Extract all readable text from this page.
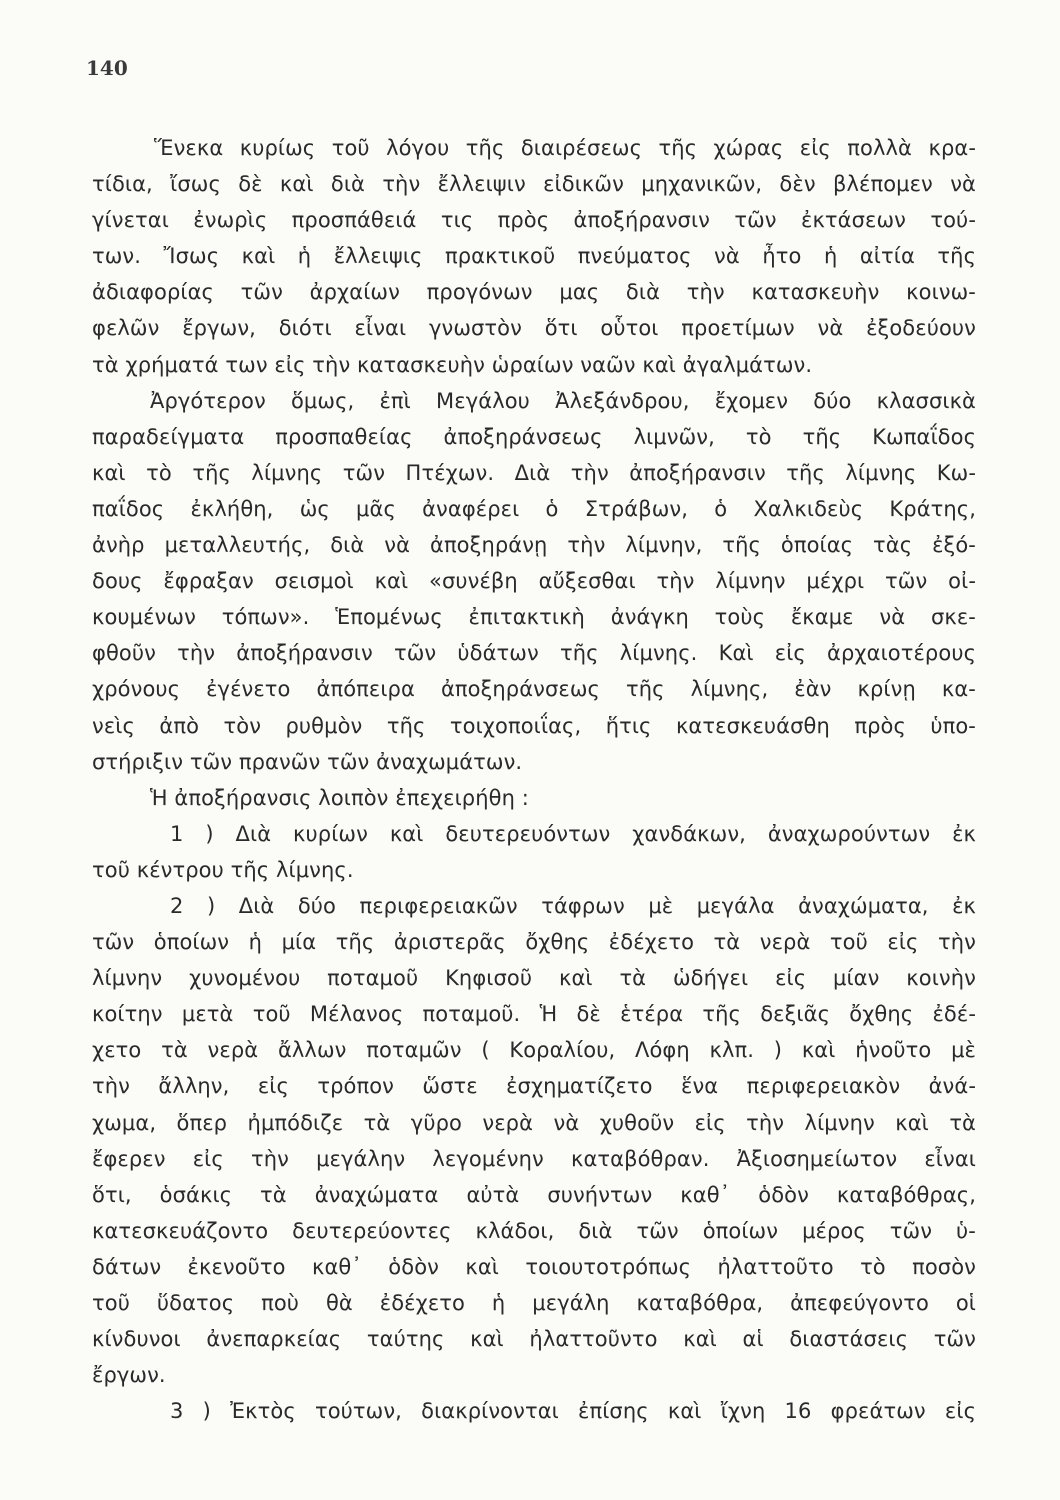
140
Ἕνεκα κυρίως τοῦ λόγου τῆς διαιρέσεως τῆς χώρας εἰς πολλὰ κρα-
τίδια, ἴσως δὲ καὶ διὰ τὴν ἔλλειψιν εἰδικῶν μηχανικῶν, δὲν βλέπομεν νὰ
γίνεται ἐνωρὶς προσπάθειά τις πρὸς ἀποξήρανσιν τῶν ἐκτάσεων τού-
των. Ἴσως καὶ ἡ ἔλλειψις πρακτικοῦ πνεύματος νὰ ἦτο ἡ αἰτία τῆς
ἀδιαφορίας τῶν ἀρχαίων προγόνων μας διὰ τὴν κατασκευὴν κοινω-
φελῶν ἔργων, διότι εἶναι γνωστὸν ὅτι οὗτοι προετίμων νὰ ἐξοδεύουν
τὰ χρήματά των εἰς τὴν κατασκευὴν ὡραίων ναῶν καὶ ἀγαλμάτων.
Ἀργότερον ὅμως, ἐπὶ Μεγάλου Ἀλεξάνδρου, ἔχομεν δύο κλασσικὰ
παραδείγματα προσπαθείας ἀποξηράνσεως λιμνῶν, τὸ τῆς Κωπαΐδος
καὶ τὸ τῆς λίμνης τῶν Πτέχων. Διὰ τὴν ἀποξήρανσιν τῆς λίμνης Κω-
παΐδος ἐκλήθη, ὡς μᾶς ἀναφέρει ὁ Στράβων, ὁ Χαλκιδεὺς Κράτης,
ἀνὴρ μεταλλευτής, διὰ νὰ ἀποξηράνῃ τὴν λίμνην, τῆς ὁποίας τὰς ἐξό-
δους ἔφραξαν σεισμοὶ καὶ «συνέβη αὔξεσθαι τὴν λίμνην μέχρι τῶν οἰ-
κουμένων τόπων». Ἑπομένως ἐπιτακτικὴ ἀνάγκη τοὺς ἔκαμε νὰ σκε-
φθοῦν τὴν ἀποξήρανσιν τῶν ὑδάτων τῆς λίμνης. Καὶ εἰς ἀρχαιοτέρους
χρόνους ἐγένετο ἀπόπειρα ἀποξηράνσεως τῆς λίμνης, ἐὰν κρίνῃ κα-
νεὶς ἀπὸ τὸν ρυθμὸν τῆς τοιχοποιΐας, ἥτις κατεσκευάσθη πρὸς ὑπο-
στήριξιν τῶν πρανῶν τῶν ἀναχωμάτων.
Ἡ ἀποξήρανσις λοιπὸν ἐπεχειρήθη :
1 ) Διὰ κυρίων καὶ δευτερευόντων χανδάκων, ἀναχωρούντων ἐκ
τοῦ κέντρου τῆς λίμνης.
2 ) Διὰ δύο περιφερειακῶν τάφρων μὲ μεγάλα ἀναχώματα, ἐκ
τῶν ὁποίων ἡ μία τῆς ἀριστερᾶς ὄχθης ἐδέχετο τὰ νερὰ τοῦ εἰς τὴν
λίμνην χυνομένου ποταμοῦ Κηφισοῦ καὶ τὰ ὡδήγει εἰς μίαν κοινὴν
κοίτην μετὰ τοῦ Μέλανος ποταμοῦ. Ἡ δὲ ἑτέρα τῆς δεξιᾶς ὄχθης ἐδέ-
χετο τὰ νερὰ ἄλλων ποταμῶν ( Κοραλίου, Λόφη κλπ. ) καὶ ἡνοῦτο μὲ
τὴν ἄλλην, εἰς τρόπον ὥστε ἐσχηματίζετο ἕνα περιφερειακὸν ἀνά-
χωμα, ὅπερ ἠμπόδιζε τὰ γῦρο νερὰ νὰ χυθοῦν εἰς τὴν λίμνην καὶ τὰ
ἔφερεν εἰς τὴν μεγάλην λεγομένην καταβόθραν. Ἀξιοσημείωτον εἶναι
ὅτι, ὁσάκις τὰ ἀναχώματα αὐτὰ συνήντων καθ᾽ ὁδὸν καταβόθρας,
κατεσκευάζοντο δευτερεύοντες κλάδοι, διὰ τῶν ὁποίων μέρος τῶν ὑ-
δάτων ἐκενοῦτο καθ᾽ ὁδὸν καὶ τοιουτοτρόπως ἠλαττοῦτο τὸ ποσὸν
τοῦ ὕδατος ποὺ θὰ ἐδέχετο ἡ μεγάλη καταβόθρα, ἀπεφεύγοντο οἱ
κίνδυνοι ἀνεπαρκείας ταύτης καὶ ἠλαττοῦντο καὶ αἱ διαστάσεις τῶν
ἔργων.
3 ) Ἐκτὸς τούτων, διακρίνονται ἐπίσης καὶ ἴχνη 16 φρεάτων εἰς
